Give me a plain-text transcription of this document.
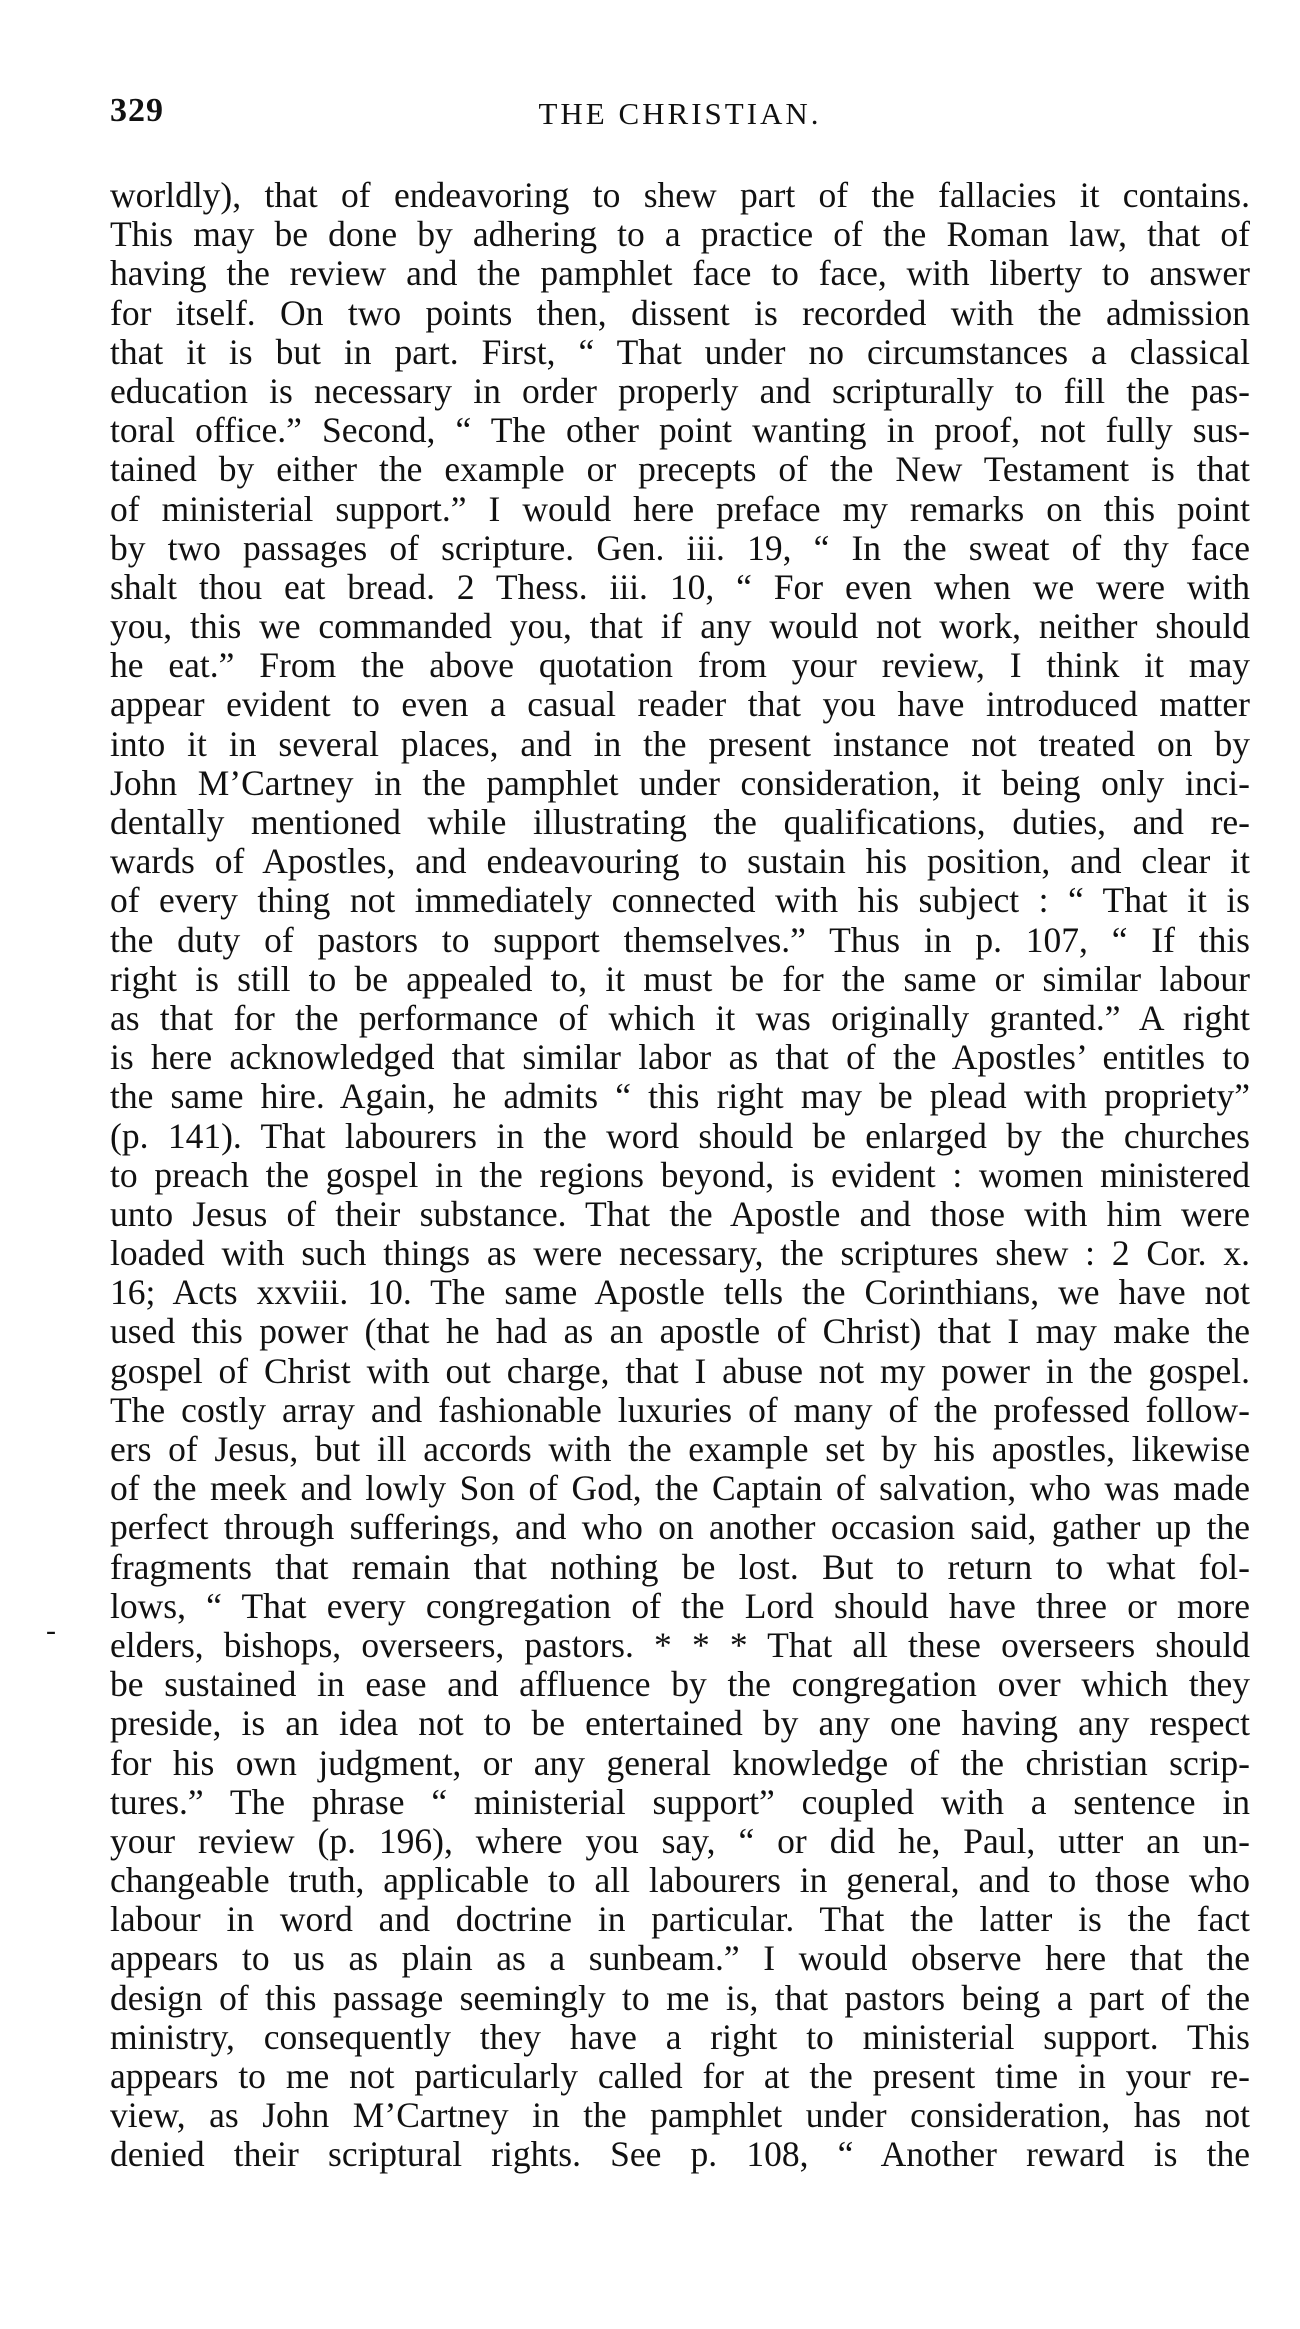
329	THE CHRISTIAN.
-
worldly), that of endeavoring to shew part of the fallacies it contains.
This may be done by adhering to a practice of the Roman law, that of
having the review and the pamphlet face to face, with liberty to answer
for itself. On two points then, dissent is recorded with the admission
that it is but in part. First, “ That under no circumstances a classical
education is necessary in order properly and scripturally to fill the pas-
toral office.” Second, “ The other point wanting in proof, not fully sus-
tained by either the example or precepts of the New Testament is that
of ministerial support.” I would here preface my remarks on this point
by two passages of scripture. Gen. iii. 19, “ In the sweat of thy face
shalt thou eat bread. 2 Thess. iii. 10, “ For even when we were with
you, this we commanded you, that if any would not work, neither should
he eat.” From the above quotation from your review, I think it may
appear evident to even a casual reader that you have introduced matter
into it in several places, and in the present instance not treated on by
John M’Cartney in the pamphlet under consideration, it being only inci-
dentally mentioned while illustrating the qualifications, duties, and re-
wards of Apostles, and endeavouring to sustain his position, and clear it
of every thing not immediately connected with his subject : “ That it is
the duty of pastors to support themselves.” Thus in p. 107, “ If this
right is still to be appealed to, it must be for the same or similar labour
as that for the performance of which it was originally granted.” A right
is here acknowledged that similar labor as that of the Apostles’ entitles to
the same hire. Again, he admits “ this right may be plead with propriety”
(p. 141). That labourers in the word should be enlarged by the churches
to preach the gospel in the regions beyond, is evident : women ministered
unto Jesus of their substance. That the Apostle and those with him were
loaded with such things as were necessary, the scriptures shew : 2 Cor. x.
16; Acts xxviii. 10. The same Apostle tells the Corinthians, we have not
used this power (that he had as an apostle of Christ) that I may make the
gospel of Christ with out charge, that I abuse not my power in the gospel.
The costly array and fashionable luxuries of many of the professed follow-
ers of Jesus, but ill accords with the example set by his apostles, likewise
of the meek and lowly Son of God, the Captain of salvation, who was made
perfect through sufferings, and who on another occasion said, gather up the
fragments that remain that nothing be lost. But to return to what fol-
lows, “ That every congregation of the Lord should have three or more
elders, bishops, overseers, pastors. * * * That all these overseers should
be sustained in ease and affluence by the congregation over which they
preside, is an idea not to be entertained by any one having any respect
for his own judgment, or any general knowledge of the christian scrip-
tures.” The phrase “ ministerial support” coupled with a sentence in
your review (p. 196), where you say, “ or did he, Paul, utter an un-
changeable truth, applicable to all labourers in general, and to those who
labour in word and doctrine in particular. That the latter is the fact
appears to us as plain as a sunbeam.” I would observe here that the
design of this passage seemingly to me is, that pastors being a part of the
ministry, consequently they have a right to ministerial support. This
appears to me not particularly called for at the present time in your re-
view, as John M’Cartney in the pamphlet under consideration, has not
denied their scriptural rights. See p. 108, “ Another reward is the
